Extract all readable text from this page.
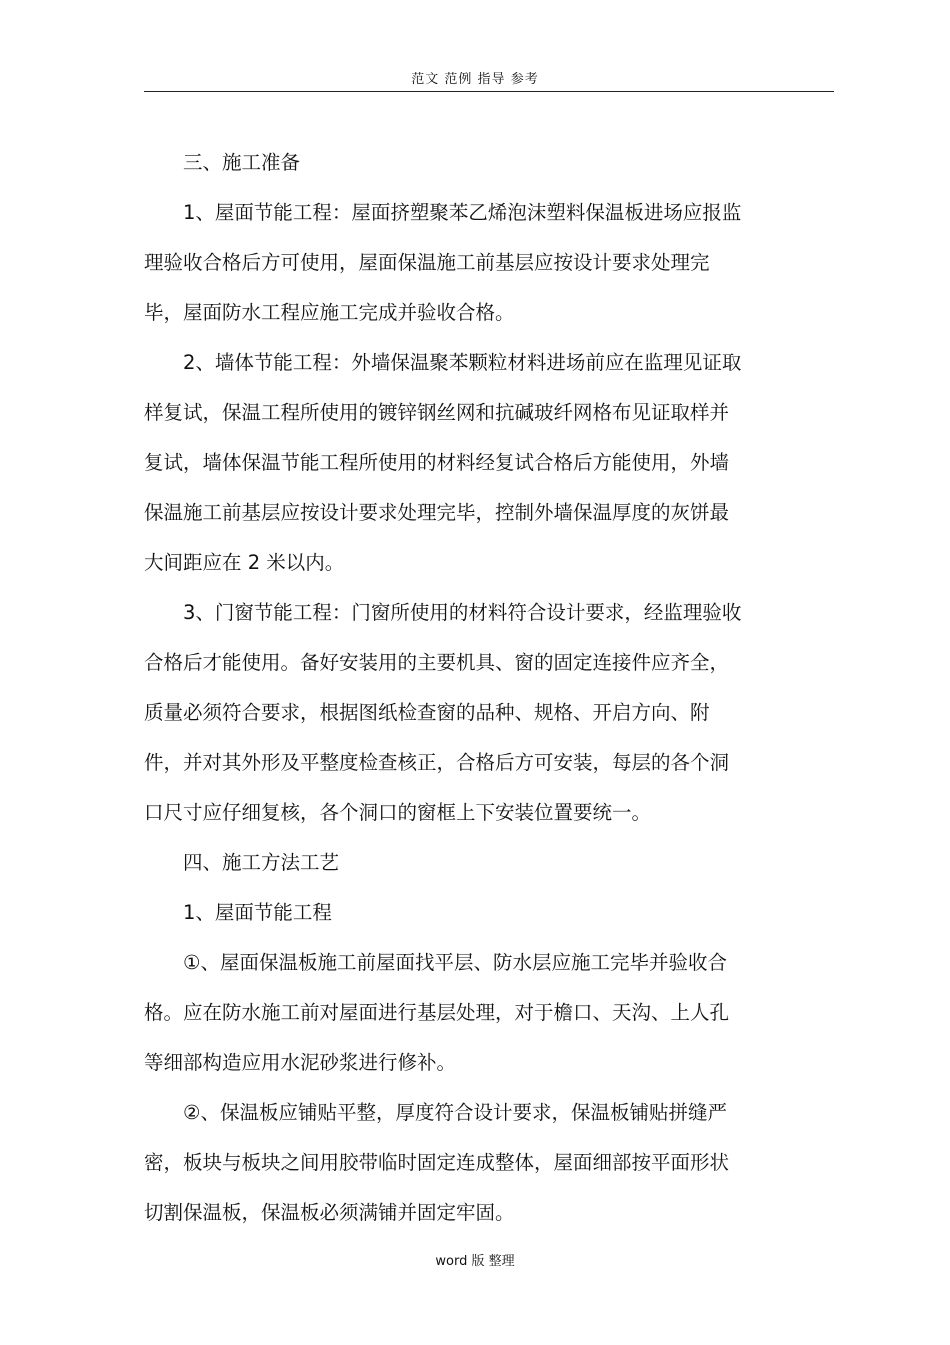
范文 范例 指导 参考

三、施工准备

1、屋面节能工程：屋面挤塑聚苯乙烯泡沫塑料保温板进场应报监

理验收合格后方可使用，屋面保温施工前基层应按设计要求处理完

毕，屋面防水工程应施工完成并验收合格。

2、墙体节能工程：外墙保温聚苯颗粒材料进场前应在监理见证取

样复试，保温工程所使用的镀锌钢丝网和抗碱玻纤网格布见证取样并

复试，墙体保温节能工程所使用的材料经复试合格后方能使用，外墙

保温施工前基层应按设计要求处理完毕，控制外墙保温厚度的灰饼最

大间距应在 2 米以内。

3、门窗节能工程：门窗所使用的材料符合设计要求，经监理验收

合格后才能使用。备好安装用的主要机具、窗的固定连接件应齐全，

质量必须符合要求，根据图纸检查窗的品种、规格、开启方向、附

件，并对其外形及平整度检查核正，合格后方可安装，每层的各个洞

口尺寸应仔细复核，各个洞口的窗框上下安装位置要统一。

四、施工方法工艺

1、屋面节能工程

①、屋面保温板施工前屋面找平层、防水层应施工完毕并验收合

格。应在防水施工前对屋面进行基层处理，对于檐口、天沟、上人孔

等细部构造应用水泥砂浆进行修补。

②、保温板应铺贴平整，厚度符合设计要求，保温板铺贴拼缝严

密，板块与板块之间用胶带临时固定连成整体，屋面细部按平面形状

切割保温板，保温板必须满铺并固定牢固。

word 版 整理
